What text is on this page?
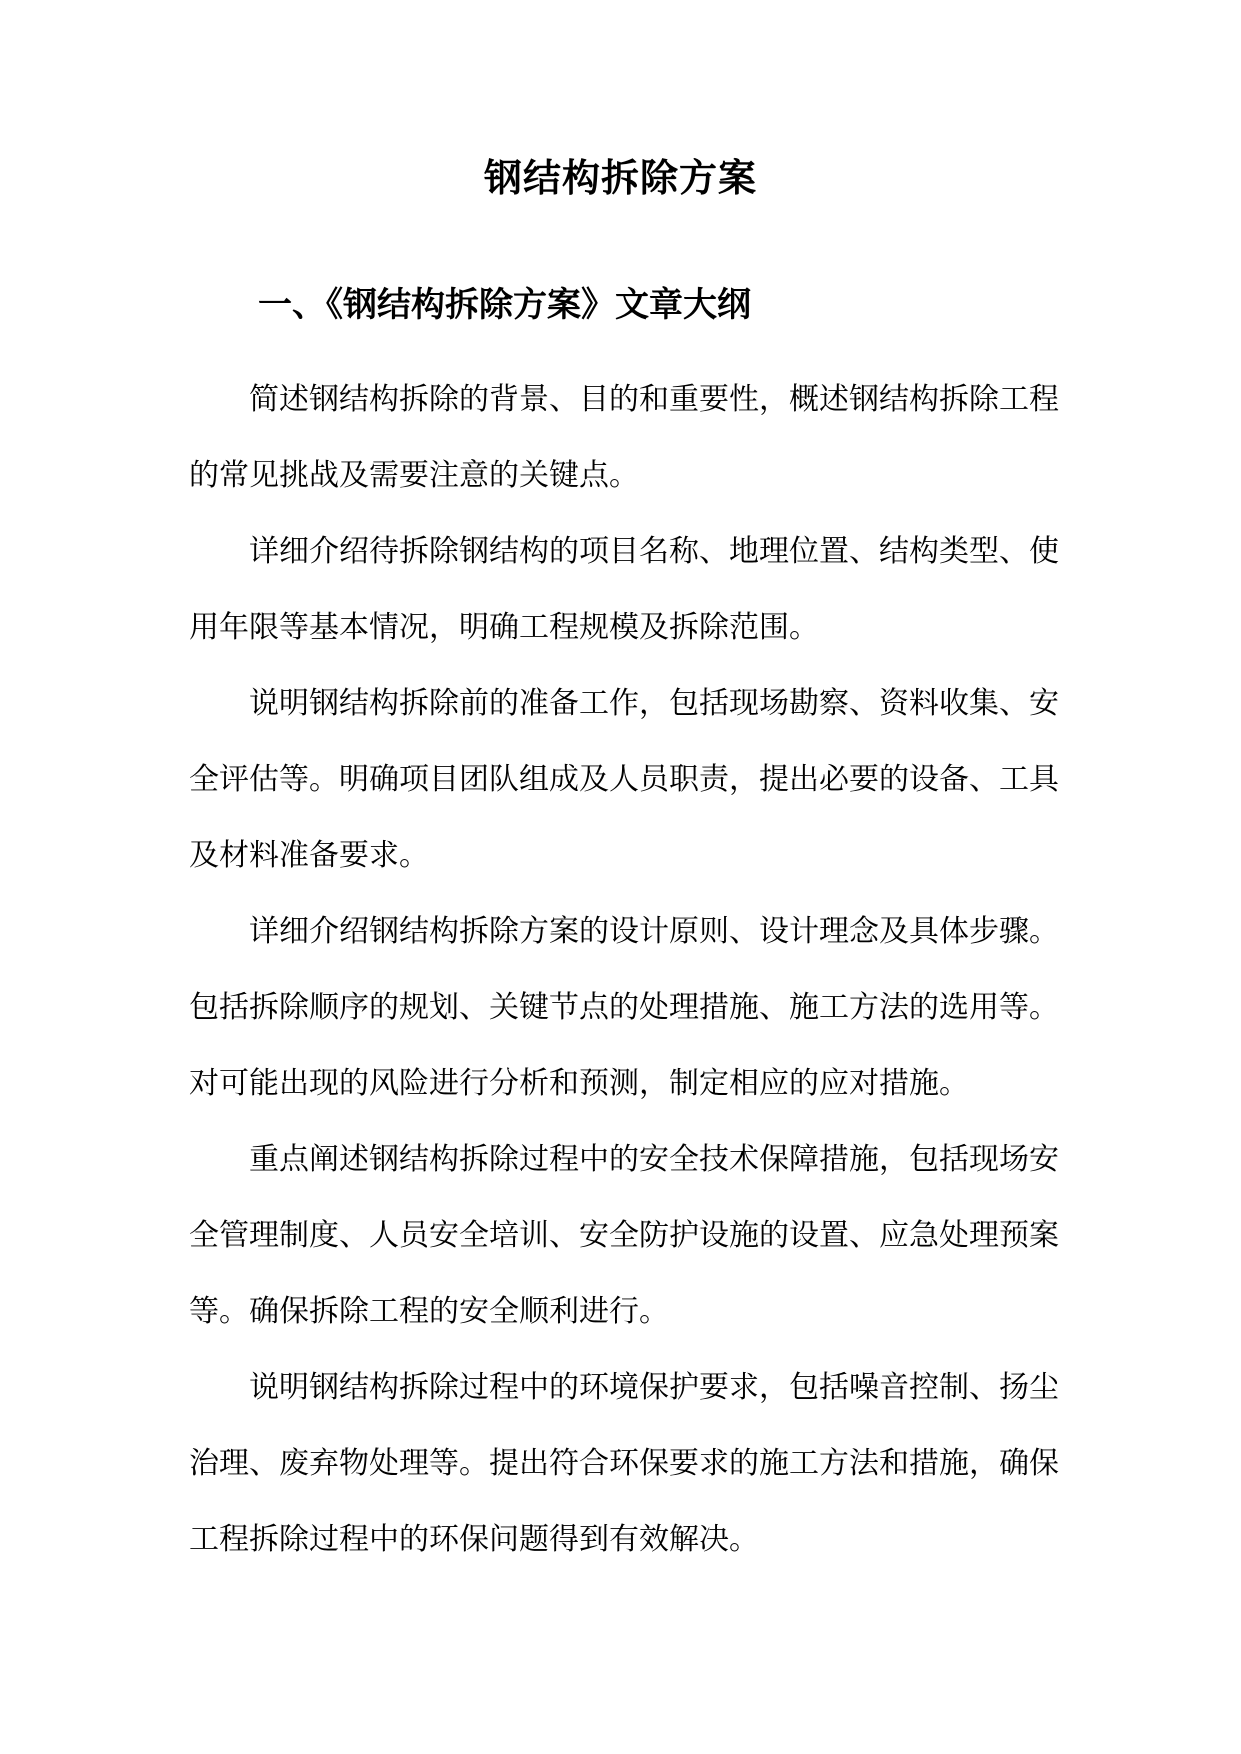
钢结构拆除方案
一、《钢结构拆除方案》文章大纲

简述钢结构拆除的背景、目的和重要性，概述钢结构拆除工程的常见挑战及需要注意的关键点。

详细介绍待拆除钢结构的项目名称、地理位置、结构类型、使用年限等基本情况，明确工程规模及拆除范围。

说明钢结构拆除前的准备工作，包括现场勘察、资料收集、安全评估等。明确项目团队组成及人员职责，提出必要的设备、工具及材料准备要求。

详细介绍钢结构拆除方案的设计原则、设计理念及具体步骤。包括拆除顺序的规划、关键节点的处理措施、施工方法的选用等。对可能出现的风险进行分析和预测，制定相应的应对措施。

重点阐述钢结构拆除过程中的安全技术保障措施，包括现场安全管理制度、人员安全培训、安全防护设施的设置、应急处理预案等。确保拆除工程的安全顺利进行。

说明钢结构拆除过程中的环境保护要求，包括噪音控制、扬尘治理、废弃物处理等。提出符合环保要求的施工方法和措施，确保工程拆除过程中的环保问题得到有效解决。
